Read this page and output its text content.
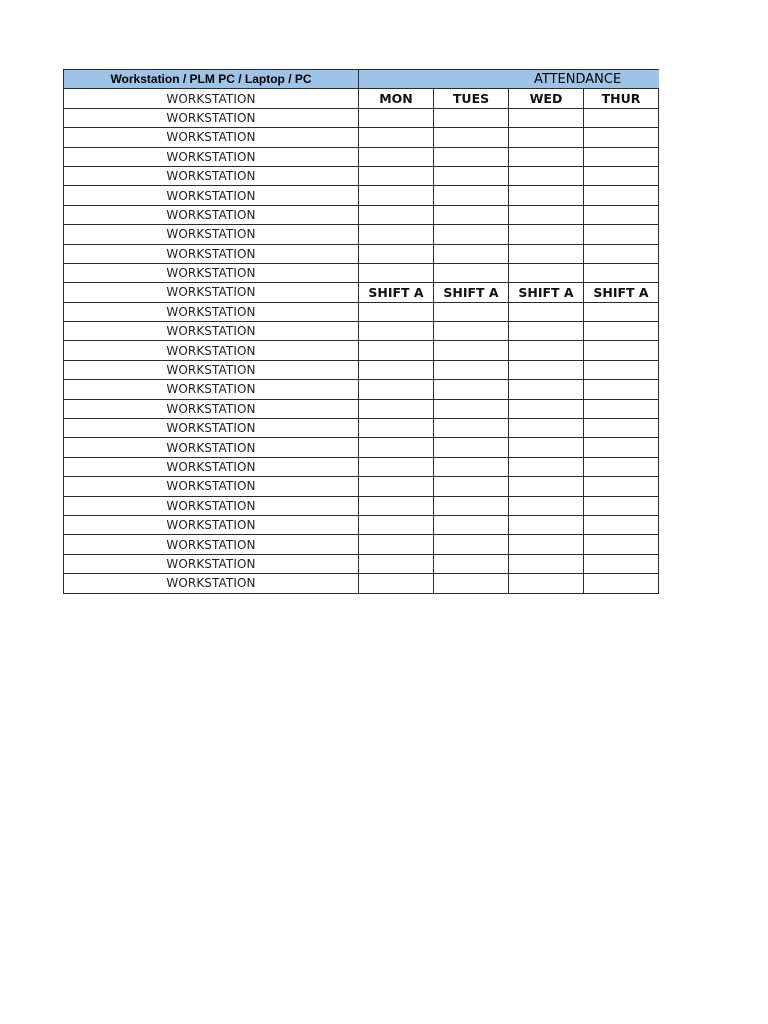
Workstation / PLM PC / Laptop / PC	ATTENDANCE			
WORKSTATION	MON	TUES	WED	THUR
WORKSTATION				
WORKSTATION				
WORKSTATION				
WORKSTATION				
WORKSTATION				
WORKSTATION				
WORKSTATION				
WORKSTATION				
WORKSTATION				
WORKSTATION	SHIFT A	SHIFT A	SHIFT A	SHIFT A
WORKSTATION				
WORKSTATION				
WORKSTATION				
WORKSTATION				
WORKSTATION				
WORKSTATION				
WORKSTATION				
WORKSTATION				
WORKSTATION				
WORKSTATION				
WORKSTATION				
WORKSTATION				
WORKSTATION				
WORKSTATION				
WORKSTATION				
